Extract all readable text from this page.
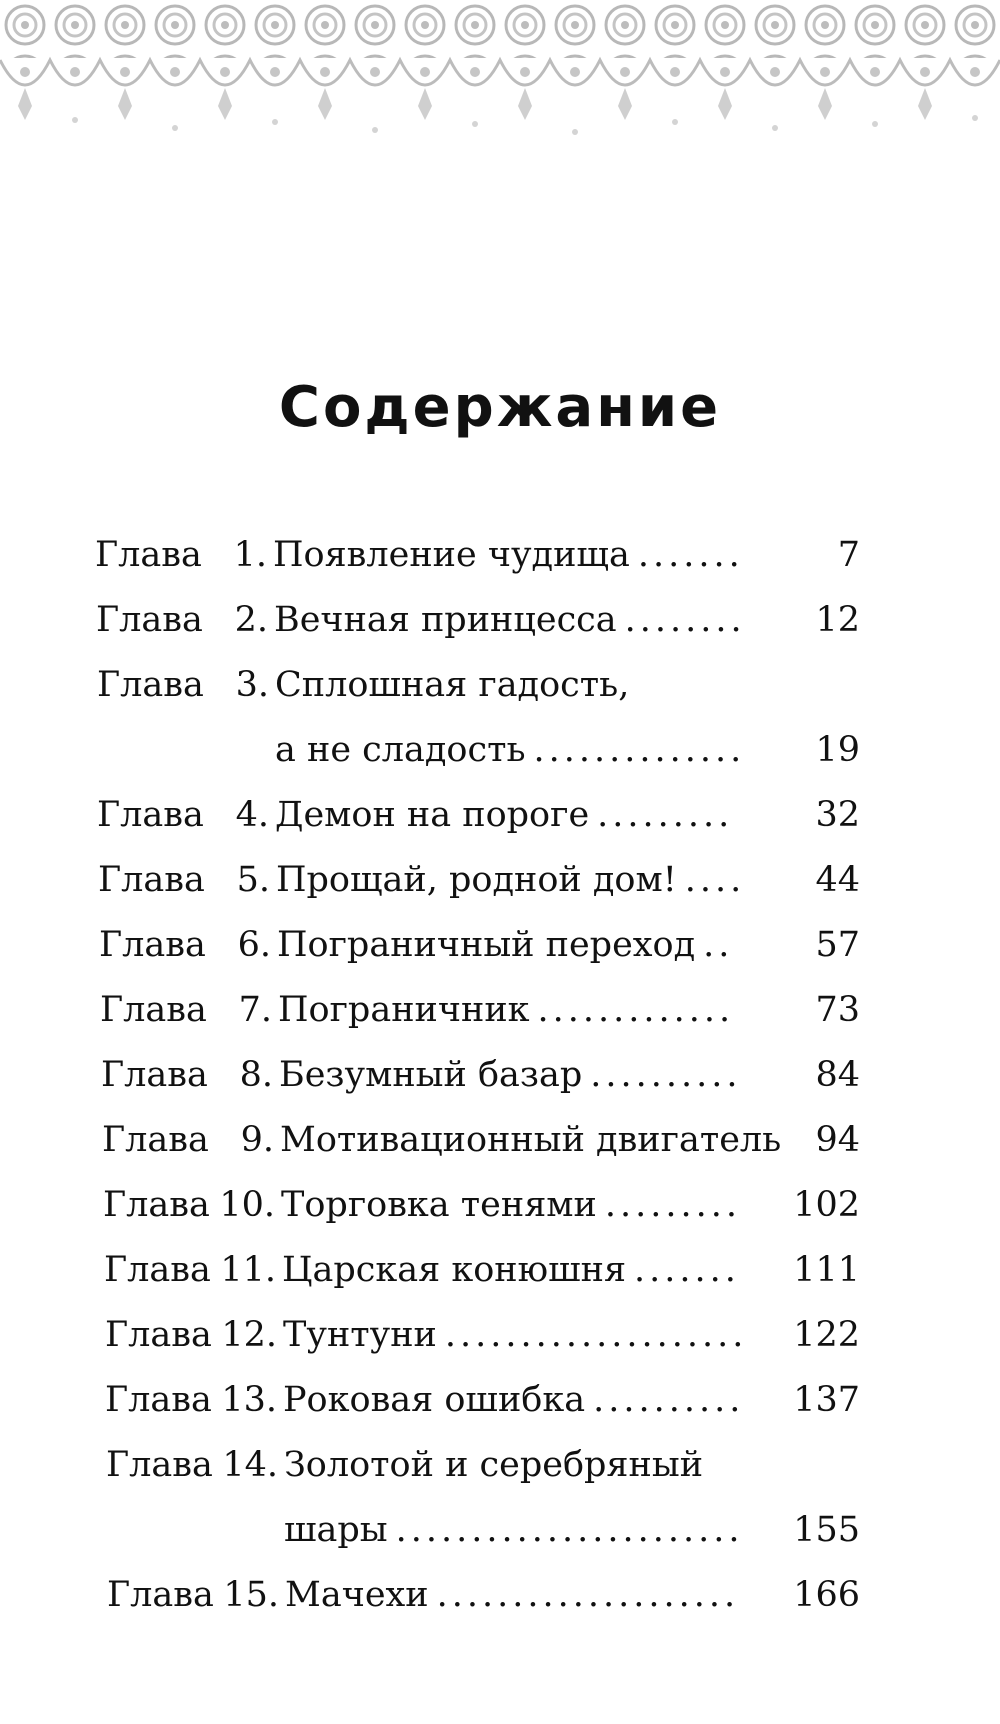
Содержание
Глава 1. Появление чудища	7
.......
Глава 2. Вечная принцесса	12
........
Глава 3. Сплошная гадость,
а не сладость	19
..............
Глава 4. Демон на пороге	32
.........
Глава 5. Прощай, родной дом!	44
....
Глава 6. Пограничный переход	57
..
Глава 7. Пограничник	73
.............
Глава 8. Безумный базар	84
..........
Глава 9. Мотивационный двигатель 94
Глава 10. Торговка тенями	102
.........
Глава 11. Царская конюшня	111
.......
Глава 12. Тунтуни	122
....................
Глава 13. Роковая ошибка	137
..........
Глава 14. Золотой и серебряный
шары	155
.......................
Глава 15. Мачехи	166
....................
